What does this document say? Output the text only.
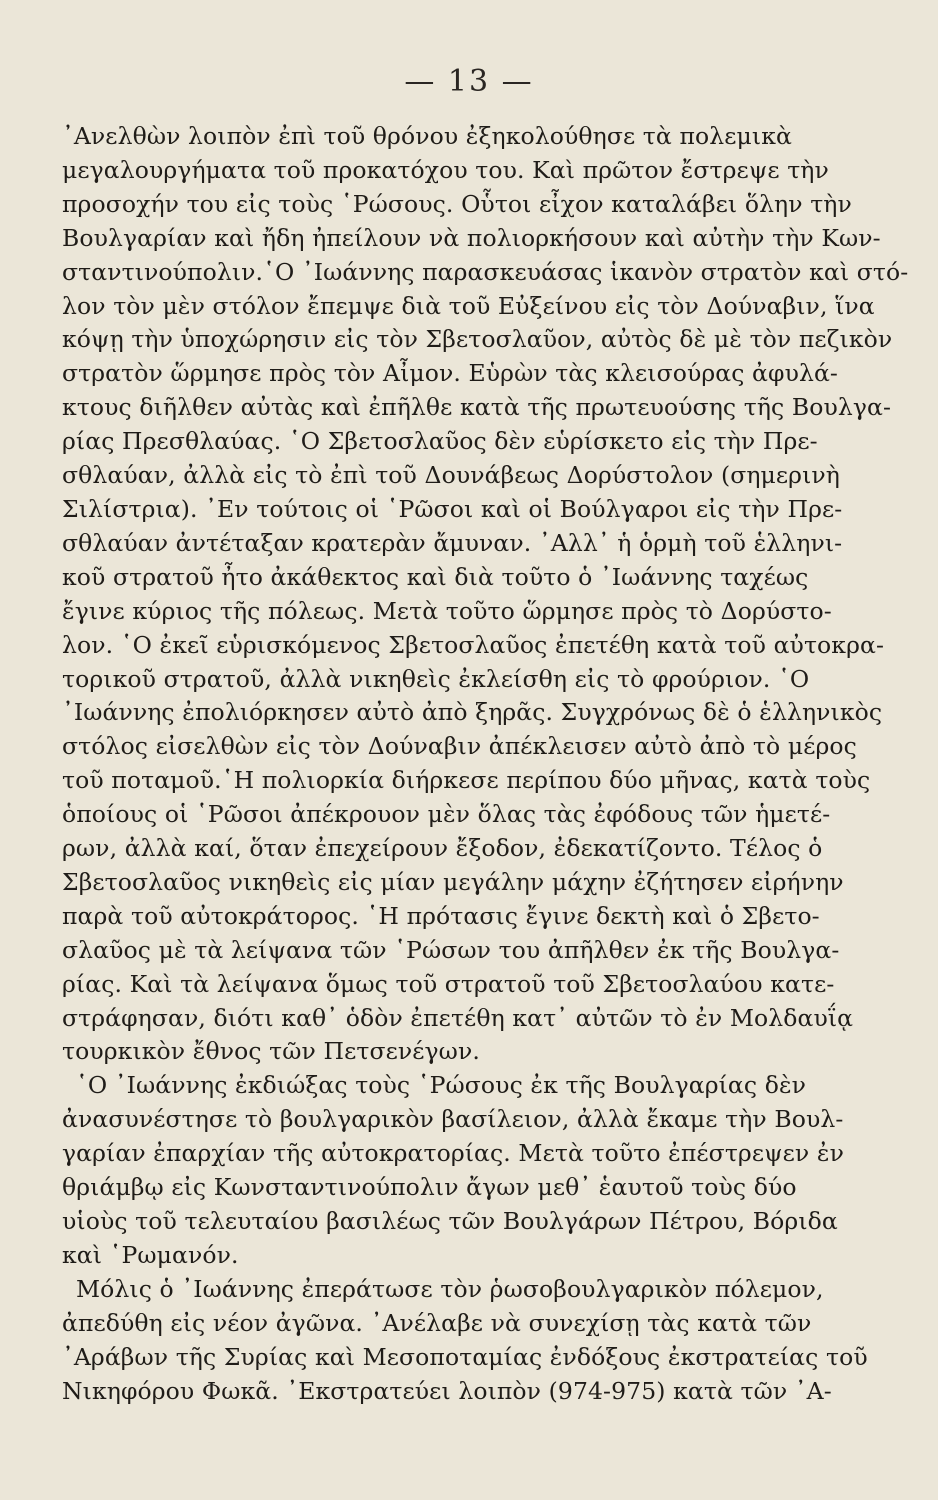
— 13 —
᾿Ανελθὼν λοιπὸν ἐπὶ τοῦ θρόνου ἐξηκολούθησε τὰ πολεμικὰ
μεγαλουργήματα τοῦ προκατόχου του. Καὶ πρῶτον ἔστρεψε τὴν
προσοχήν του εἰς τοὺς ῾Ρώσους. Οὗτοι εἶχον καταλάβει ὅλην τὴν
Βουλγαρίαν καὶ ἤδη ἠπείλουν νὰ πολιορκήσουν καὶ αὐτὴν τὴν Κων-
σταντινούπολιν.῾Ο ᾿Ιωάννης παρασκευάσας ἱκανὸν στρατὸν καὶ στό-
λον τὸν μὲν στόλον ἔπεμψε διὰ τοῦ Εὐξείνου εἰς τὸν Δούναβιν, ἵνα
κόψῃ τὴν ὑποχώρησιν εἰς τὸν Σβετοσλαῦον, αὐτὸς δὲ μὲ τὸν πεζικὸν
στρατὸν ὥρμησε πρὸς τὸν Αἶμον. Εὑρὼν τὰς κλεισούρας ἀφυλά-
κτους διῆλθεν αὐτὰς καὶ ἐπῆλθε κατὰ τῆς πρωτευούσης τῆς Βουλγα-
ρίας Πρεσθλαύας. ῾Ο Σβετοσλαῦος δὲν εὑρίσκετο εἰς τὴν Πρε-
σθλαύαν, ἀλλὰ εἰς τὸ ἐπὶ τοῦ Δουνάβεως Δορύστολον (σημερινὴ
Σιλίστρια). ᾿Εν τούτοις οἱ ῾Ρῶσοι καὶ οἱ Βούλγαροι εἰς τὴν Πρε-
σθλαύαν ἀντέταξαν κρατερὰν ἄμυναν. ᾿Αλλ᾿ ἡ ὁρμὴ τοῦ ἑλληνι-
κοῦ στρατοῦ ἦτο ἀκάθεκτος καὶ διὰ τοῦτο ὁ ᾿Ιωάννης ταχέως
ἔγινε κύριος τῆς πόλεως. Μετὰ τοῦτο ὥρμησε πρὸς τὸ Δορύστο-
λον. ῾Ο ἐκεῖ εὑρισκόμενος Σβετοσλαῦος ἐπετέθη κατὰ τοῦ αὐτοκρα-
τορικοῦ στρατοῦ, ἀλλὰ νικηθεὶς ἐκλείσθη εἰς τὸ φρούριον. ῾Ο
᾿Ιωάννης ἐπολιόρκησεν αὐτὸ ἀπὸ ξηρᾶς. Συγχρόνως δὲ ὁ ἑλληνικὸς
στόλος εἰσελθὼν εἰς τὸν Δούναβιν ἀπέκλεισεν αὐτὸ ἀπὸ τὸ μέρος
τοῦ ποταμοῦ.῾Η πολιορκία διήρκεσε περίπου δύο μῆνας, κατὰ τοὺς
ὁποίους οἱ ῾Ρῶσοι ἀπέκρουον μὲν ὅλας τὰς ἐφόδους τῶν ἡμετέ-
ρων, ἀλλὰ καί, ὅταν ἐπεχείρουν ἔξοδον, ἐδεκατίζοντο. Τέλος ὁ
Σβετοσλαῦος νικηθεὶς εἰς μίαν μεγάλην μάχην ἐζήτησεν εἰρήνην
παρὰ τοῦ αὐτοκράτορος. ῾Η πρότασις ἔγινε δεκτὴ καὶ ὁ Σβετο-
σλαῦος μὲ τὰ λείψανα τῶν ῾Ρώσων του ἀπῆλθεν ἐκ τῆς Βουλγα-
ρίας. Καὶ τὰ λείψανα ὅμως τοῦ στρατοῦ τοῦ Σβετοσλαύου κατε-
στράφησαν, διότι καθ᾿ ὁδὸν ἐπετέθη κατ᾿ αὐτῶν τὸ ἐν Μολδαυΐᾳ
τουρκικὸν ἔθνος τῶν Πετσενέγων.
῾Ο ᾿Ιωάννης ἐκδιώξας τοὺς ῾Ρώσους ἐκ τῆς Βουλγαρίας δὲν
ἀνασυνέστησε τὸ βουλγαρικὸν βασίλειον, ἀλλὰ ἔκαμε τὴν Βουλ-
γαρίαν ἐπαρχίαν τῆς αὐτοκρατορίας. Μετὰ τοῦτο ἐπέστρεψεν ἐν
θριάμβῳ εἰς Κωνσταντινούπολιν ἄγων μεθ᾿ ἑαυτοῦ τοὺς δύο
υἱοὺς τοῦ τελευταίου βασιλέως τῶν Βουλγάρων Πέτρου, Βόριδα
καὶ ῾Ρωμανόν.
Μόλις ὁ ᾿Ιωάννης ἐπεράτωσε τὸν ῥωσοβουλγαρικὸν πόλεμον,
ἀπεδύθη εἰς νέον ἀγῶνα. ᾿Ανέλαβε νὰ συνεχίσῃ τὰς κατὰ τῶν
᾿Αράβων τῆς Συρίας καὶ Μεσοποταμίας ἐνδόξους ἐκστρατείας τοῦ
Νικηφόρου Φωκᾶ. ᾿Εκστρατεύει λοιπὸν (974-975) κατὰ τῶν ᾿Α-
